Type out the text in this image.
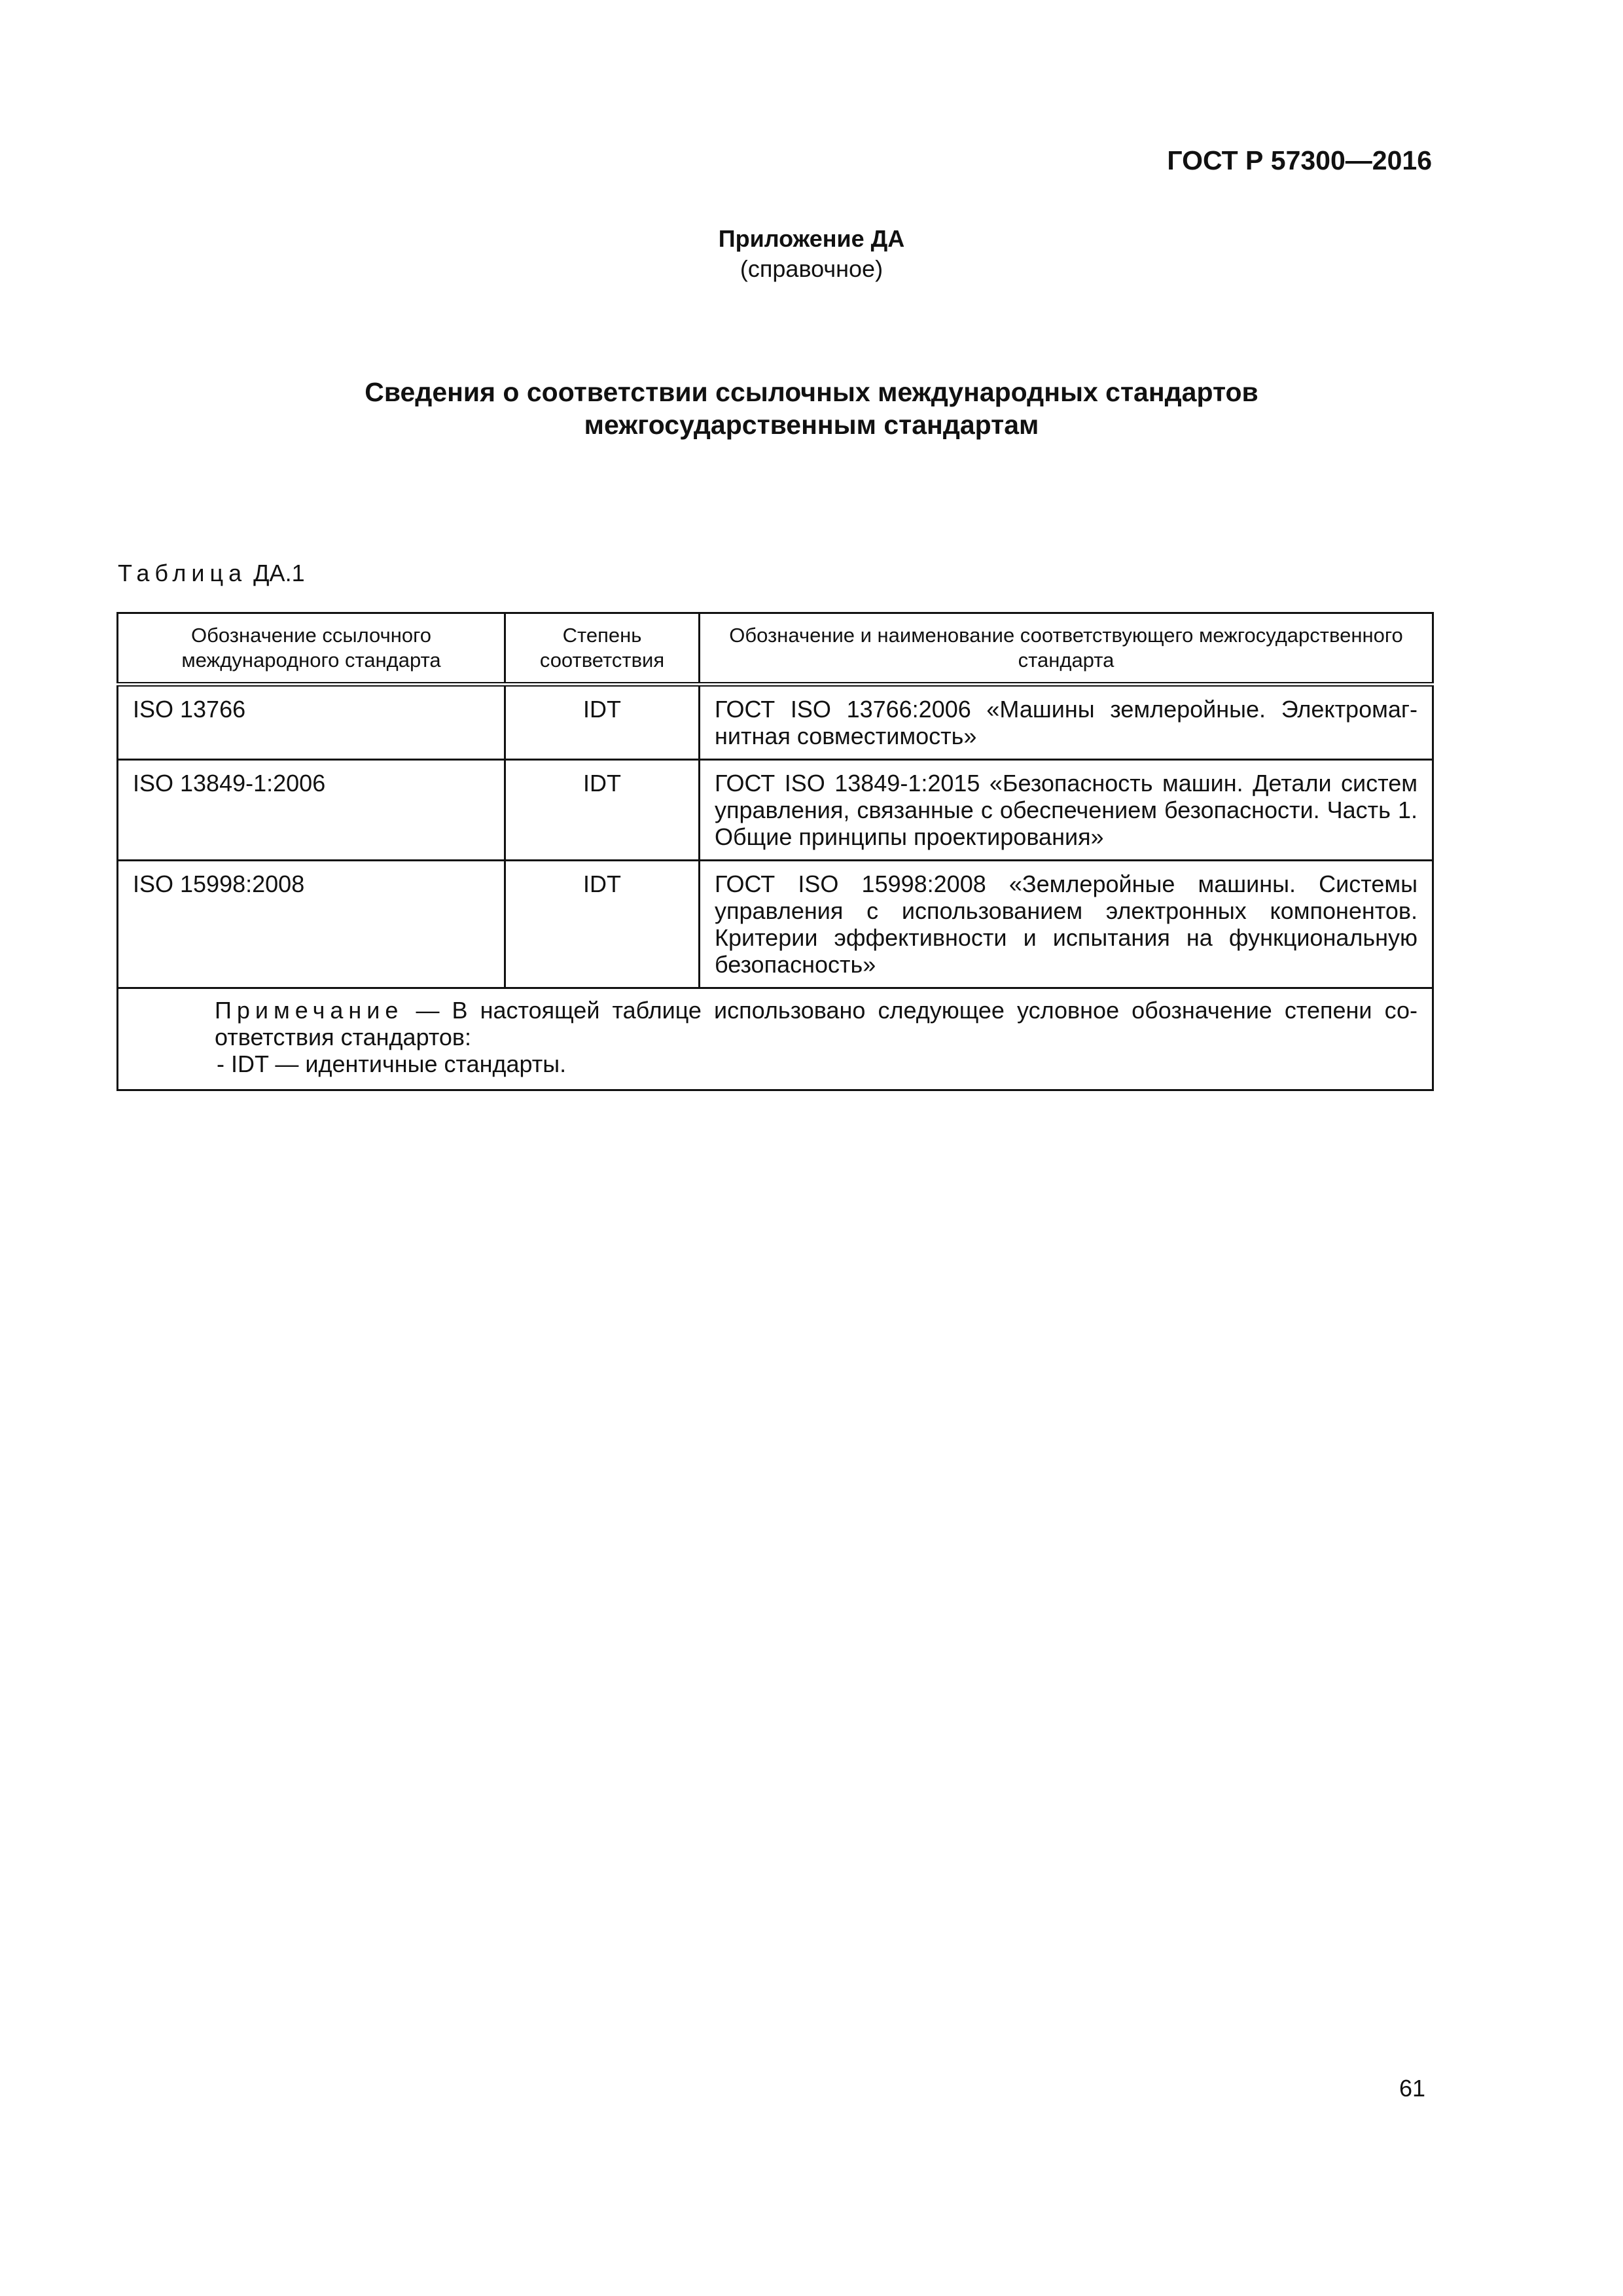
ГОСТ Р 57300—2016
Приложение ДА
(справочное)
Сведения о соответствии ссылочных международных стандартов
межгосударственным стандартам
Таблица ДА.1
Обозначение ссылочного международного стандарта	Степень соответствия	Обозначение и наименование соответствующего межгосударственного стандарта
ISO 13766	IDT	ГОСТ ISO 13766:2006 «Машины землеройные. Электромагнитная совместимость»
ISO 13849-1:2006	IDT	ГОСТ ISO 13849-1:2015 «Безопасность машин. Детали систем управления, связанные с обеспечением безопасности. Часть 1. Общие принципы проектирования»
ISO 15998:2008	IDT	ГОСТ ISO 15998:2008 «Землеройные машины. Системы управления с использованием электронных компонентов. Критерии эффективности и испытания на функциональную безопасность»

Примечание — В настоящей таблице использовано следующее условное обозначение степени соответствия стандартов:
- IDT — идентичные стандарты.		
61
